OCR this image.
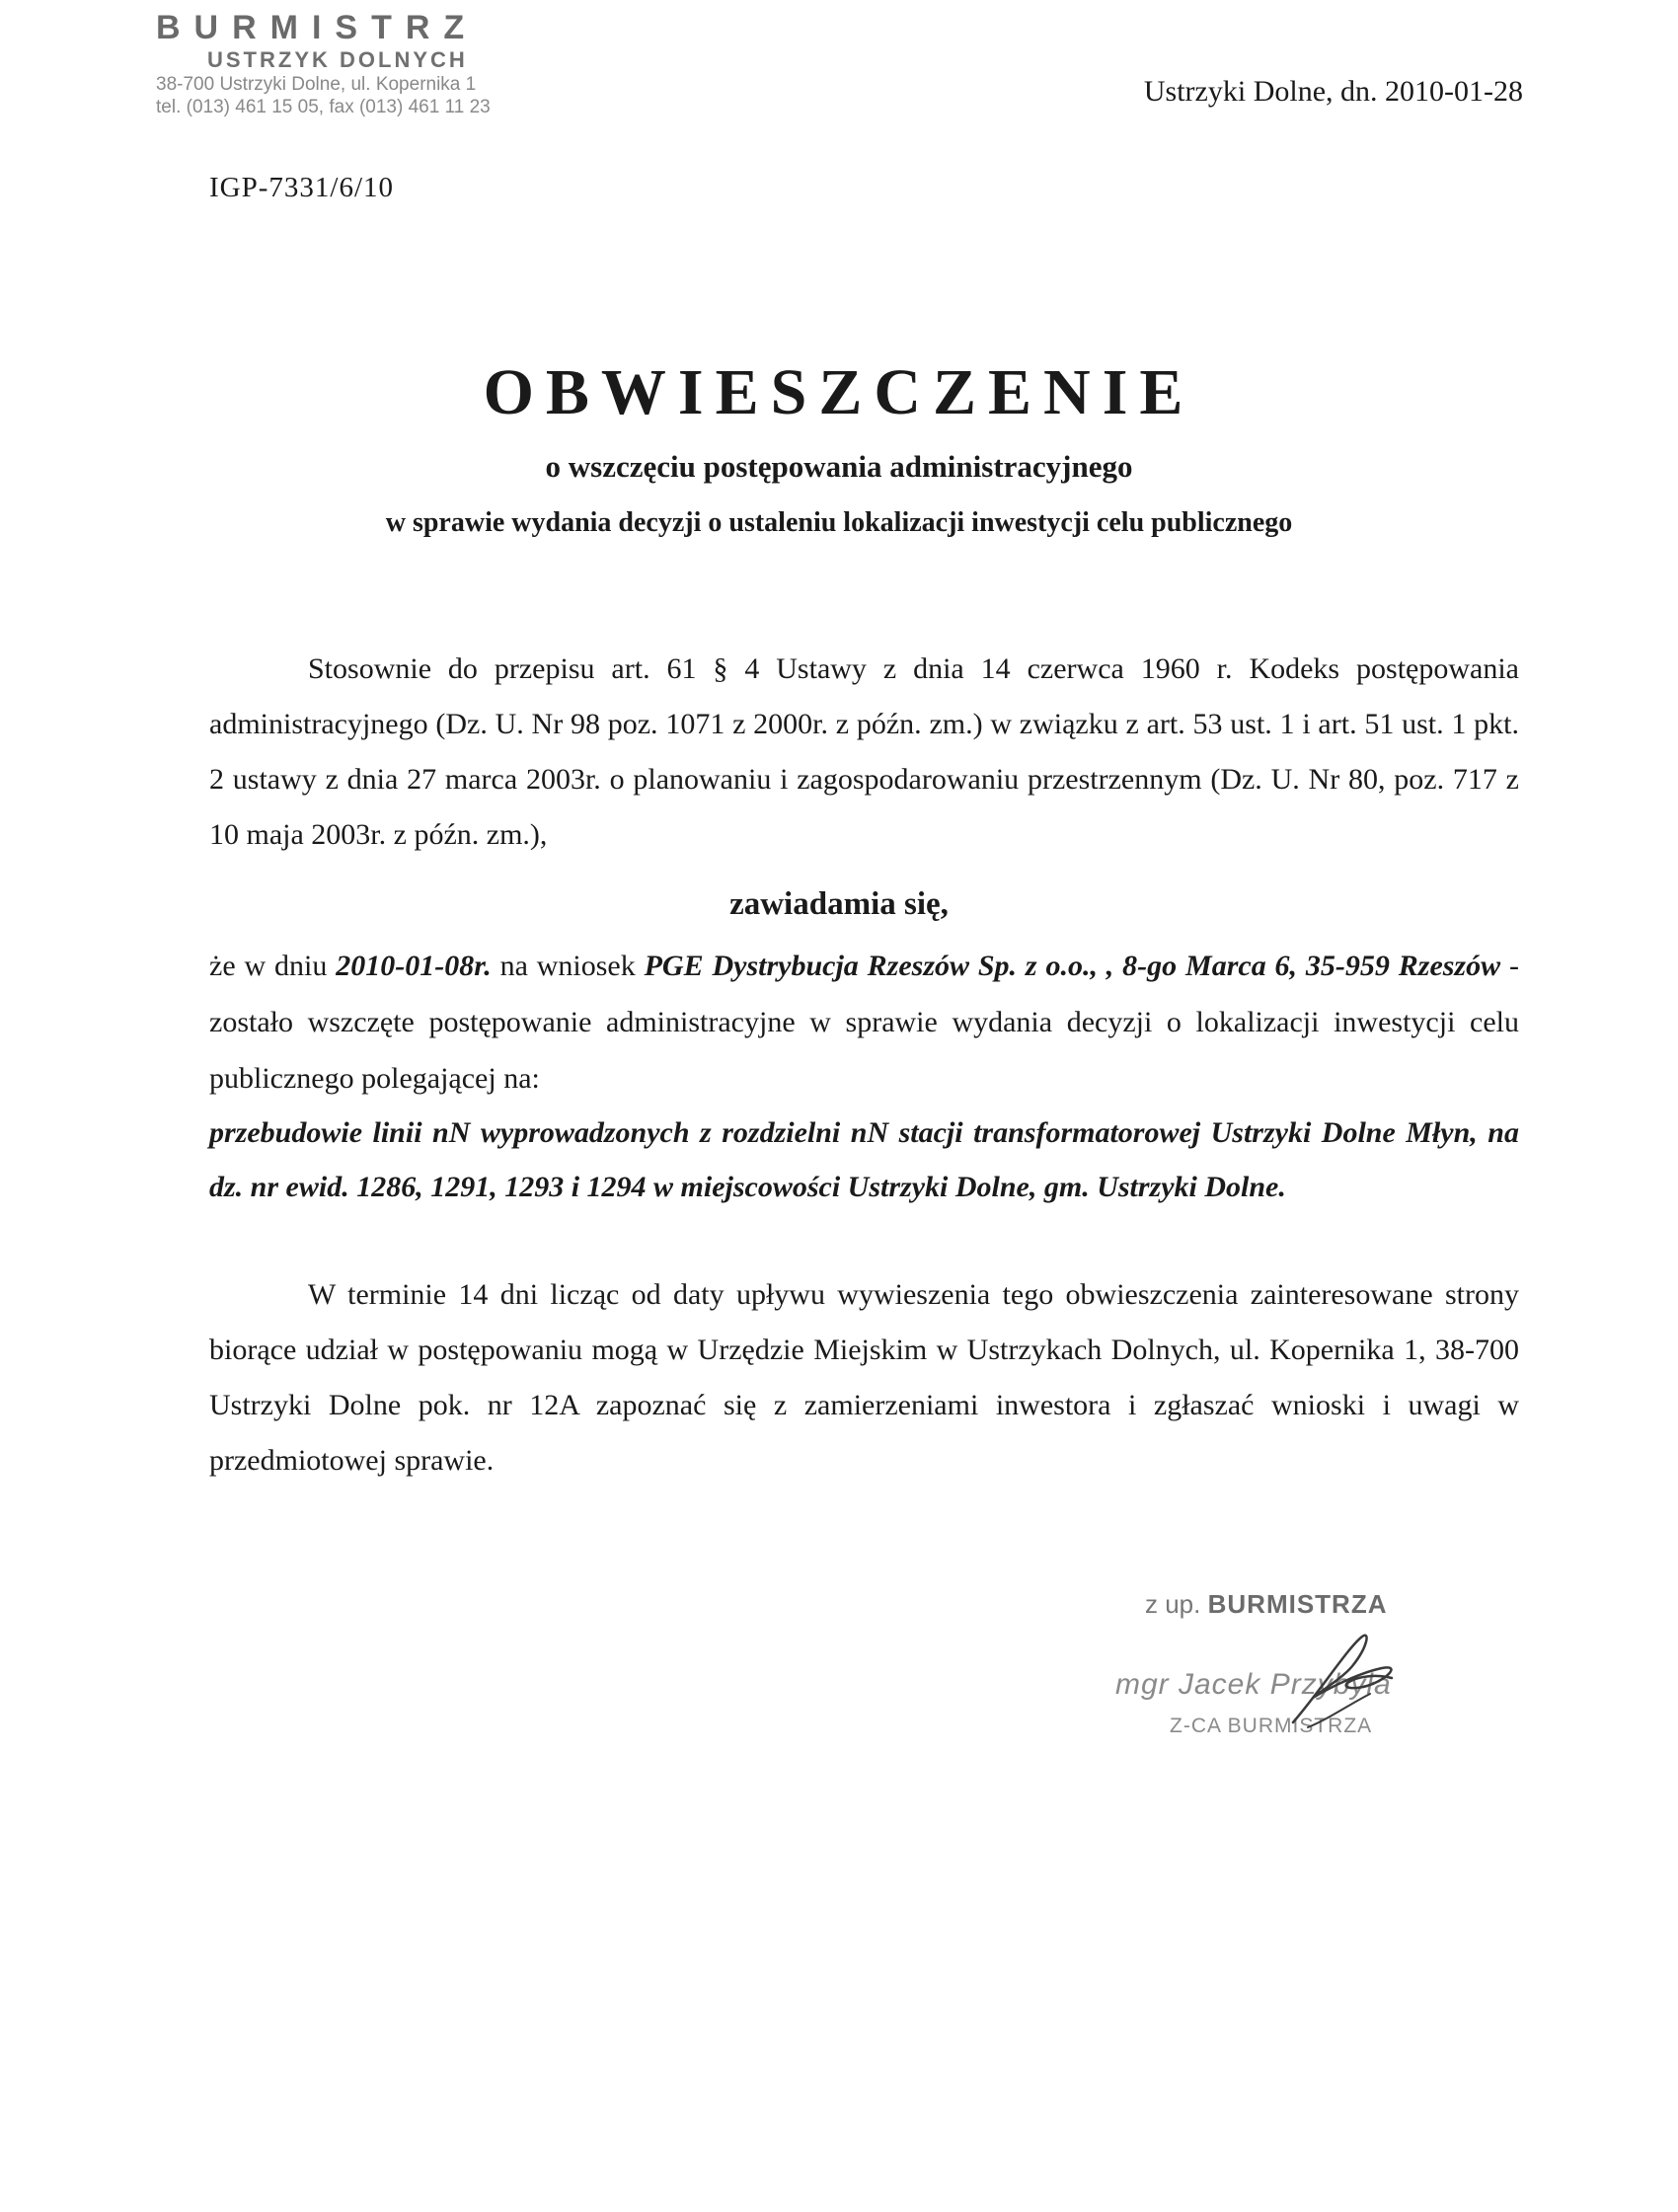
BURMISTRZ
USTRZYK DOLNYCH
38-700 Ustrzyki Dolne, ul. Kopernika 1
tel. (013) 461 15 05, fax (013) 461 11 23	Ustrzyki Dolne, dn. 2010-01-28
IGP-7331/6/10
OBWIESZCZENIE
o wszczęciu postępowania administracyjnego
w sprawie wydania decyzji o ustaleniu lokalizacji inwestycji celu publicznego
Stosownie do przepisu art. 61 § 4 Ustawy z dnia 14 czerwca 1960 r. Kodeks postępowania administracyjnego (Dz. U. Nr 98 poz. 1071 z 2000r. z późn. zm.) w związku z art. 53 ust. 1 i art. 51 ust. 1 pkt. 2 ustawy z dnia 27 marca 2003r. o planowaniu i zagospodarowaniu przestrzennym (Dz. U. Nr 80, poz. 717 z 10 maja 2003r. z późn. zm.),
zawiadamia się,
że w dniu 2010-01-08r. na wniosek PGE Dystrybucja Rzeszów Sp. z o.o., , 8-go Marca 6, 35-959 Rzeszów - zostało wszczęte postępowanie administracyjne w sprawie wydania decyzji o lokalizacji inwestycji celu publicznego polegającej na:
przebudowie linii nN wyprowadzonych z rozdzielni nN stacji transformatorowej Ustrzyki Dolne Młyn, na dz. nr ewid. 1286, 1291, 1293 i 1294 w miejscowości Ustrzyki Dolne, gm. Ustrzyki Dolne.
W terminie 14 dni licząc od daty upływu wywieszenia tego obwieszczenia zainteresowane strony biorące udział w postępowaniu mogą w Urzędzie Miejskim w Ustrzykach Dolnych, ul. Kopernika 1, 38-700 Ustrzyki Dolne pok. nr 12A zapoznać się z zamierzeniami inwestora i zgłaszać wnioski i uwagi w przedmiotowej sprawie.
z up. BURMISTRZA
mgr Jacek Przybyła
Z-CA BURMISTRZA
